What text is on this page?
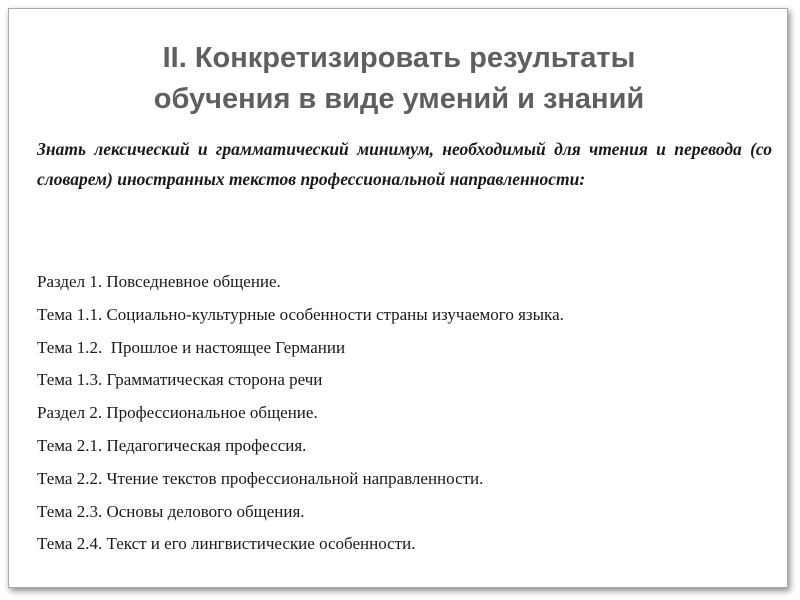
II. Конкретизировать результаты
обучения в виде умений и знаний

Знать лексический и грамматический минимум, необходимый для чтения и перевода (со словарем) иностранных текстов профессиональной направленности:

Раздел 1. Повседневное общение.
Тема 1.1. Социально-культурные особенности страны изучаемого языка.
Тема 1.2.  Прошлое и настоящее Германии
Тема 1.3. Грамматическая сторона речи
Раздел 2. Профессиональное общение.
Тема 2.1. Педагогическая профессия.
Тема 2.2. Чтение текстов профессиональной направленности.
Тема 2.3. Основы делового общения.
Тема 2.4. Текст и его лингвистические особенности.
